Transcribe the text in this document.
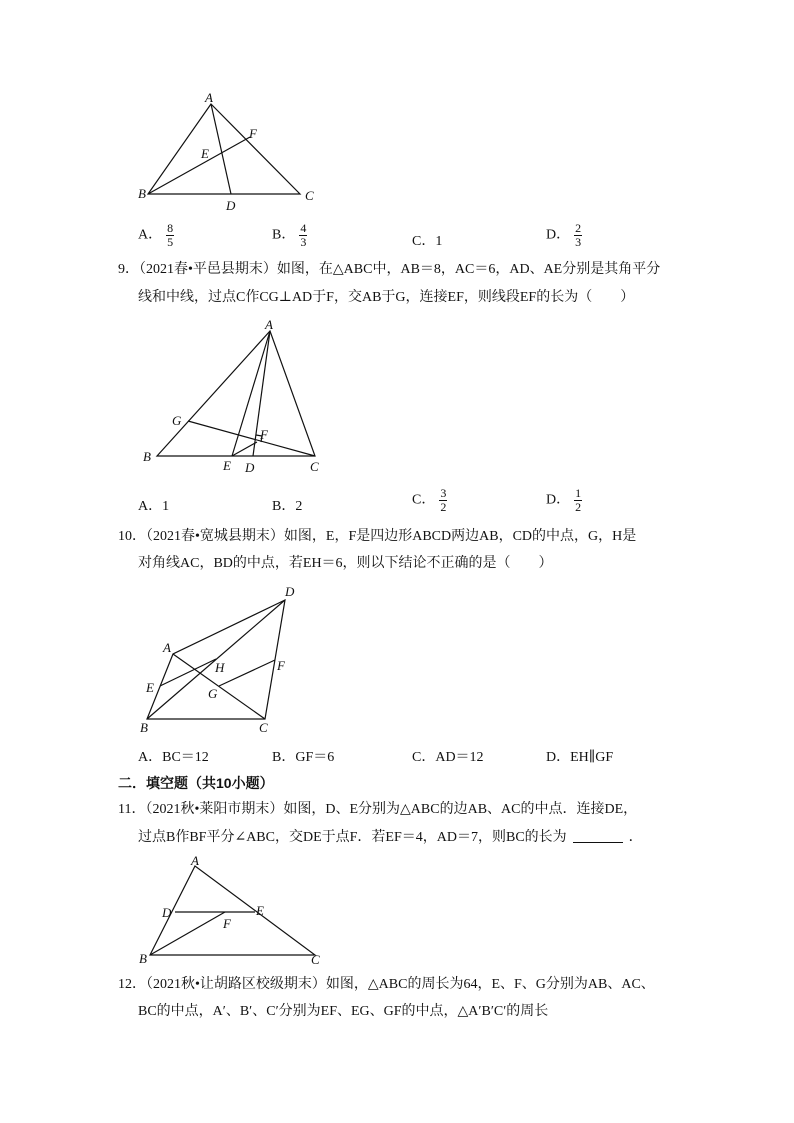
A
B	C
D
E
F
A． $\frac{8}{5}$	B． $\frac{4}{3}$	C．1	D． $\frac{2}{3}$
9．（2021春•平邑县期末）如图，在△ABC中，AB＝8，AC＝6，AD、AE分别是其角平分
线和中线，过点C作CG⊥AD于F，交AB于G，连接EF，则线段EF的长为（　　）
A
B
C
D
E
F
G
A．1	B．2	C． $\frac{3}{2}$	D． $\frac{1}{2}$
10．（2021春•宽城县期末）如图，E，F是四边形ABCD两边AB，CD的中点，G，H是
对角线AC，BD的中点，若EH＝6，则以下结论不正确的是（　　）
A
B	C
D
E
F
G
H
A．BC＝12	B．GF＝6	C．AD＝12	D．EH∥GF
二．填空题（共10小题）
11．（2021秋•莱阳市期末）如图，D、E分别为△ABC的边AB、AC的中点．连接DE，
过点B作BF平分∠ABC，交DE于点F．若EF＝4，AD＝7，则BC的长为	．
A
B	C
D	E
F
12．（2021秋•让胡路区校级期末）如图，△ABC的周长为64，E、F、G分别为AB、AC、
BC的中点，A′、B′、C′分别为EF、EG、GF的中点，△A′B′C′的周长
